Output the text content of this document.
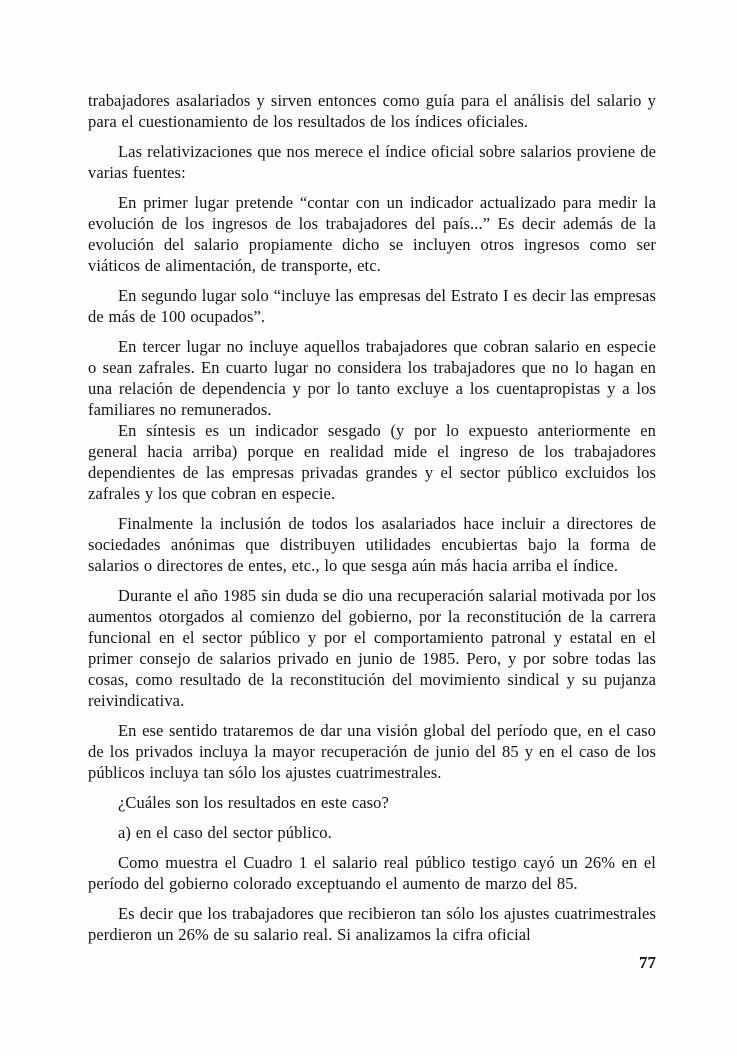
trabajadores asalariados y sirven entonces como guía para el análisis del salario y para el cuestionamiento de los resultados de los índices oficiales.

Las relativizaciones que nos merece el índice oficial sobre salarios proviene de varias fuentes:

En primer lugar pretende “contar con un indicador actualizado para medir la evolución de los ingresos de los trabajadores del país...” Es decir además de la evolución del salario propiamente dicho se incluyen otros ingresos como ser viáticos de alimentación, de transporte, etc.

En segundo lugar solo “incluye las empresas del Estrato I es decir las empresas de más de 100 ocupados”.

En tercer lugar no incluye aquellos trabajadores que cobran salario en especie o sean zafrales. En cuarto lugar no considera los trabajadores que no lo hagan en una relación de dependencia y por lo tanto excluye a los cuentapropistas y a los familiares no remunerados.

En síntesis es un indicador sesgado (y por lo expuesto anteriormente en general hacia arriba) porque en realidad mide el ingreso de los trabajadores dependientes de las empresas privadas grandes y el sector público excluidos los zafrales y los que cobran en especie.

Finalmente la inclusión de todos los asalariados hace incluir a directores de sociedades anónimas que distribuyen utilidades encubiertas bajo la forma de salarios o directores de entes, etc., lo que sesga aún más hacia arriba el índice.

Durante el año 1985 sin duda se dio una recuperación salarial motivada por los aumentos otorgados al comienzo del gobierno, por la reconstitución de la carrera funcional en el sector público y por el comportamiento patronal y estatal en el primer consejo de salarios privado en junio de 1985. Pero, y por sobre todas las cosas, como resultado de la reconstitución del movimiento sindical y su pujanza reivindicativa.

En ese sentido trataremos de dar una visión global del período que, en el caso de los privados incluya la mayor recuperación de junio del 85 y en el caso de los públicos incluya tan sólo los ajustes cuatrimestrales.

¿Cuáles son los resultados en este caso?

a) en el caso del sector público.

Como muestra el Cuadro 1 el salario real público testigo cayó un 26% en el período del gobierno colorado exceptuando el aumento de marzo del 85.

Es decir que los trabajadores que recibieron tan sólo los ajustes cuatrimestrales perdieron un 26% de su salario real. Si analizamos la cifra oficial

77
